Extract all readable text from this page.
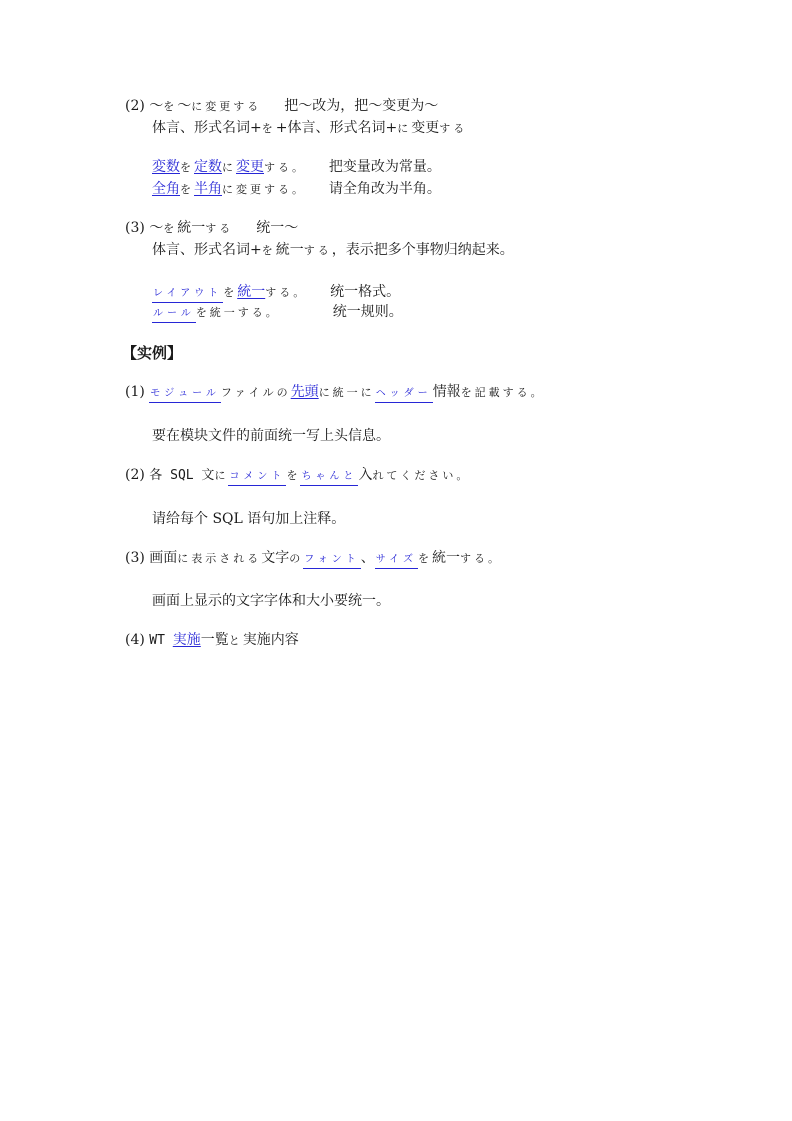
(2) ～を～に変更する 把～改为，把～变更为～
体言、形式名词+を+体言、形式名词+に变更する
変数を定数に変更する。 把变量改为常量。
全角を半角に変更する。 请全角改为半角。
(3) ～を統一する 统一～
体言、形式名词+を統一する，表示把多个事物归纳起来。
レイアウトを統一する。 统一格式。
ルールを統一する。	统一规则。
【实例】
(1) モジュールファイルの先頭に統一にヘッダー情報を記載する。
要在模块文件的前面统一写上头信息。
(2) 各 SQL 文にコメントをちゃんと入れてください。
请给每个 SQL 语句加上注释。
(3) 画面に表示される文字のフォント、サイズを統一する。
画面上显示的文字字体和大小要统一。
(4) WT 実施一覧と実施内容
